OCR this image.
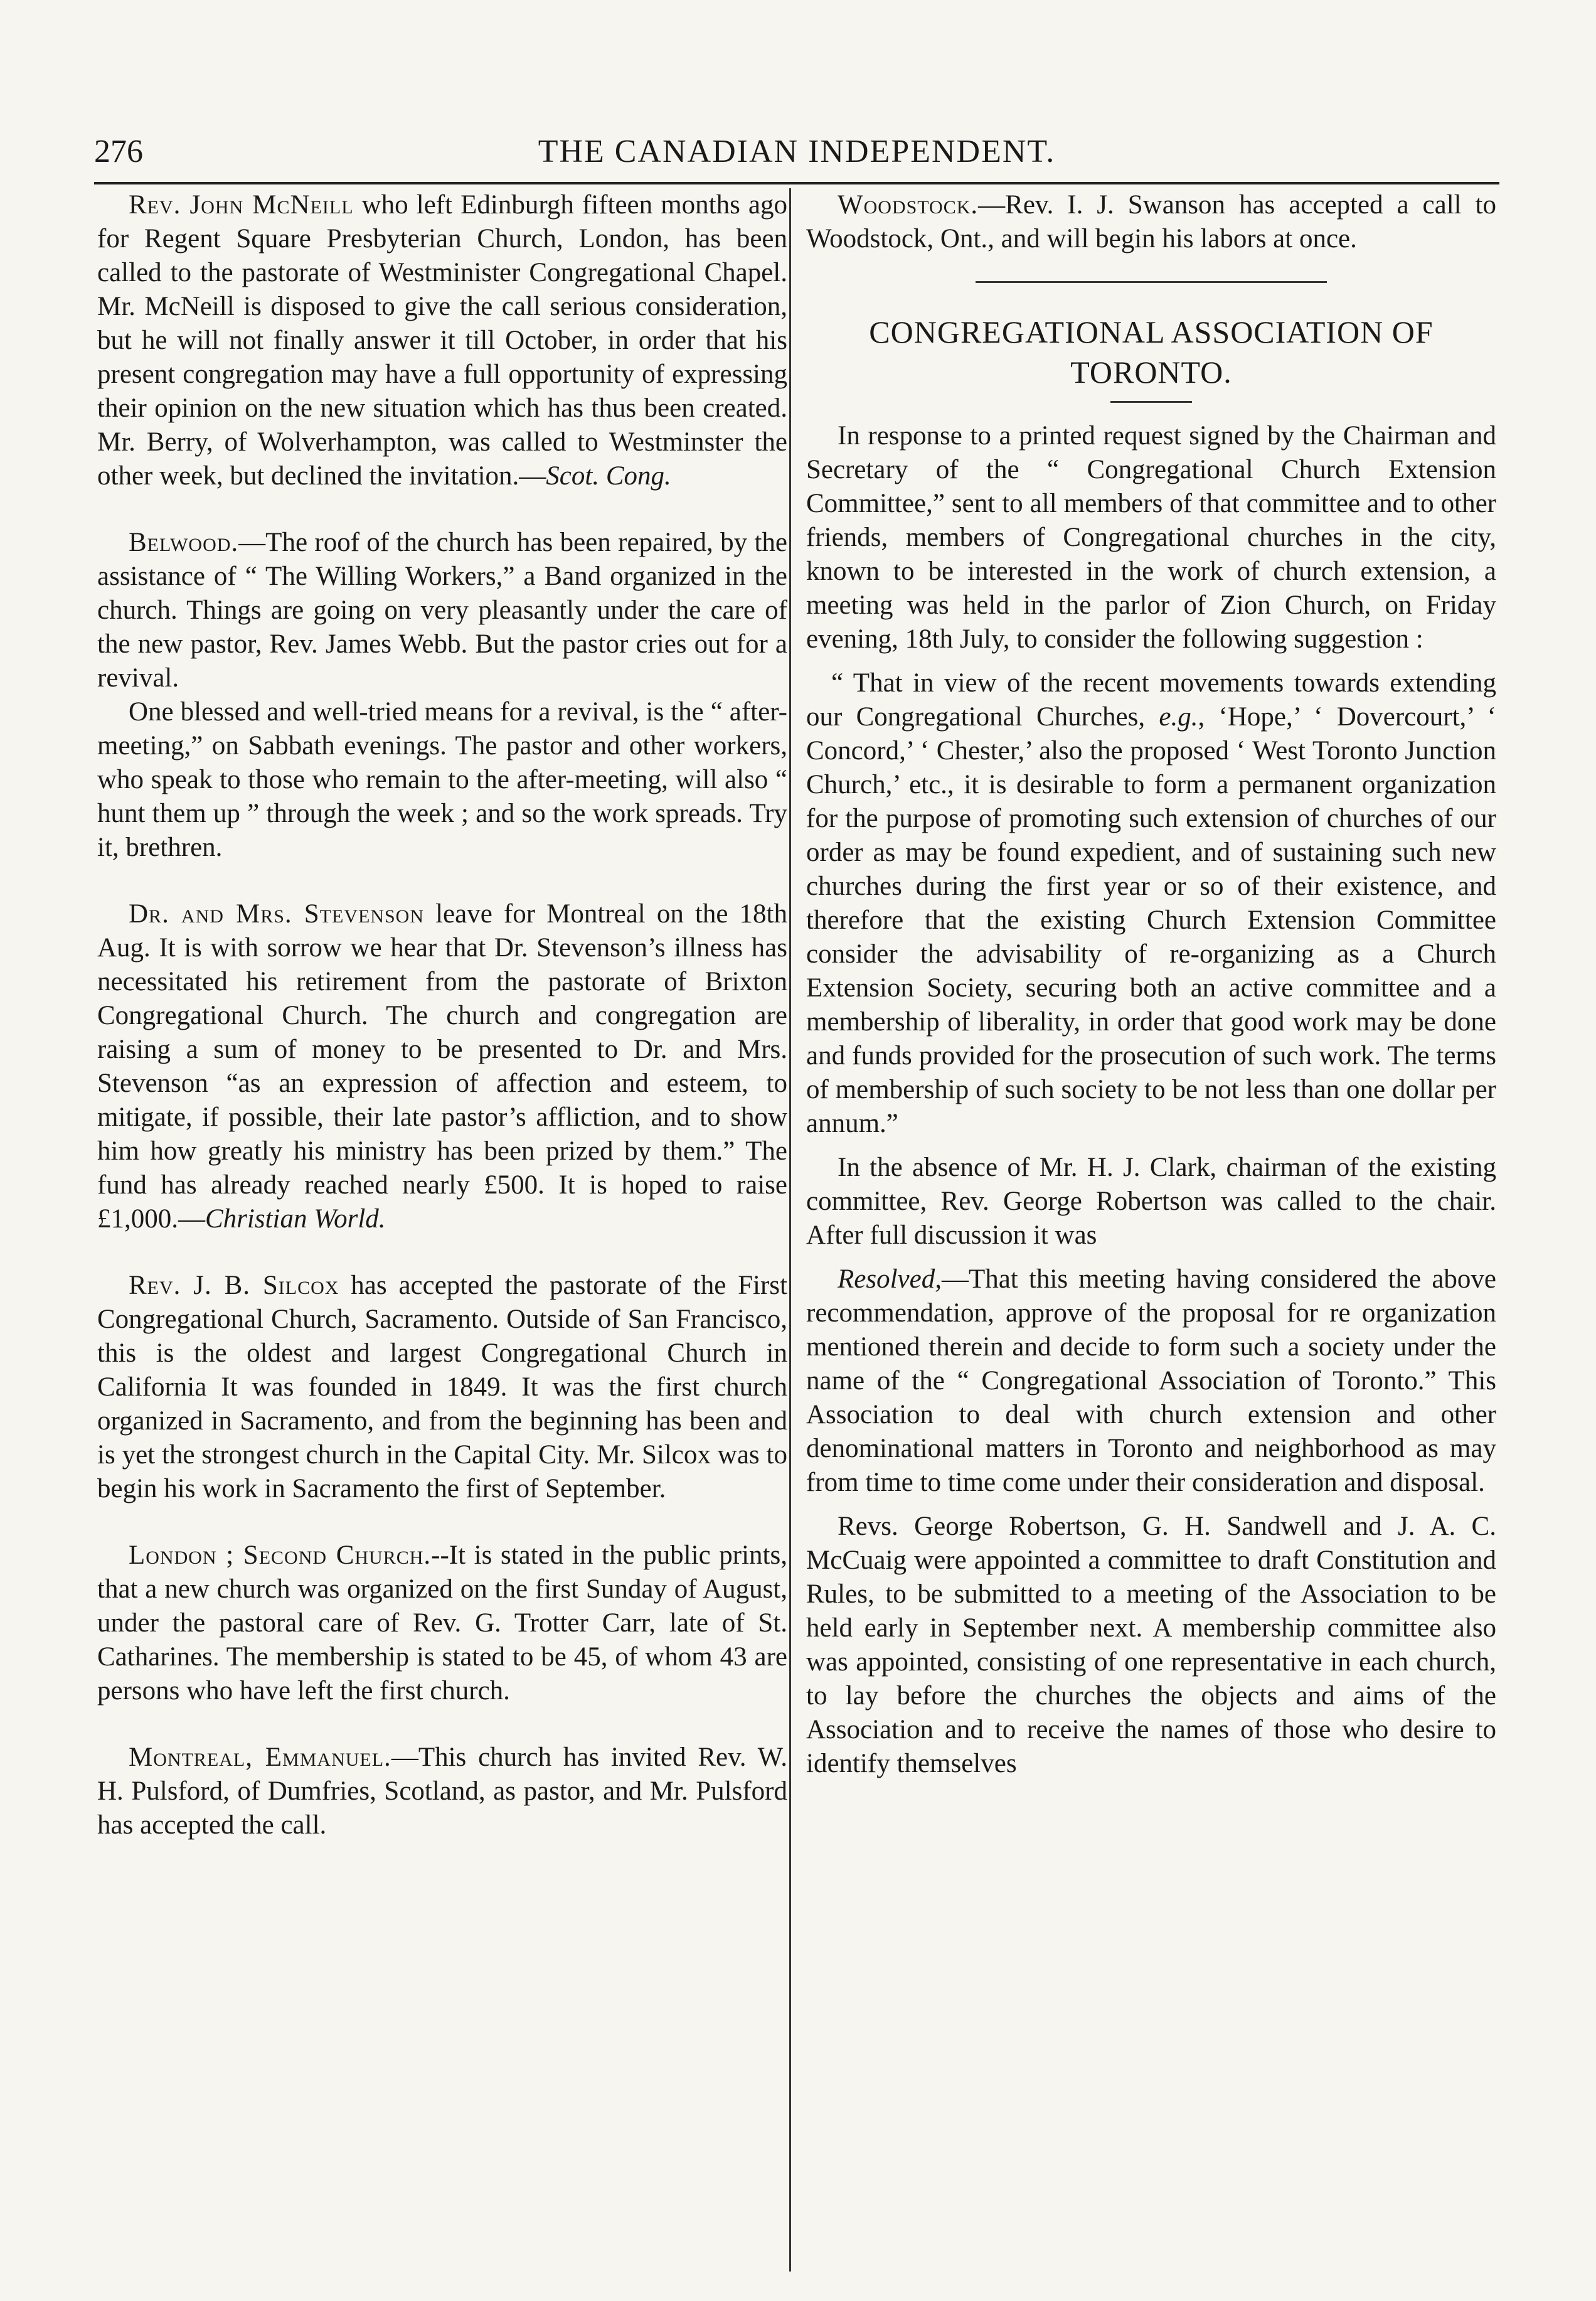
276	THE CANADIAN INDEPENDENT.

Rev. John McNeill who left Edinburgh fifteen months ago for Regent Square Presbyterian Church, London, has been called to the pastorate of Westminister Congregational Chapel. Mr. McNeill is disposed to give the call serious consideration, but he will not finally answer it till October, in order that his present congregation may have a full opportunity of expressing their opinion on the new situation which has thus been created. Mr. Berry, of Wolverhampton, was called to Westminster the other week, but declined the invitation.—Scot. Cong.

Belwood.—The roof of the church has been repaired, by the assistance of “ The Willing Workers,” a Band organized in the church. Things are going on very pleasantly under the care of the new pastor, Rev. James Webb. But the pastor cries out for a revival.

One blessed and well-tried means for a revival, is the “ after-meeting,” on Sabbath evenings. The pastor and other workers, who speak to those who remain to the after-meeting, will also “ hunt them up ” through the week ; and so the work spreads. Try it, brethren.

Dr. and Mrs. Stevenson leave for Montreal on the 18th Aug. It is with sorrow we hear that Dr. Stevenson’s illness has necessitated his retirement from the pastorate of Brixton Congregational Church. The church and congregation are raising a sum of money to be presented to Dr. and Mrs. Stevenson “as an expression of affection and esteem, to mitigate, if possible, their late pastor’s affliction, and to show him how greatly his ministry has been prized by them.” The fund has already reached nearly £500. It is hoped to raise £1,000.—Christian World.

Rev. J. B. Silcox has accepted the pastorate of the First Congregational Church, Sacramento. Outside of San Francisco, this is the oldest and largest Congregational Church in California It was founded in 1849. It was the first church organized in Sacramento, and from the beginning has been and is yet the strongest church in the Capital City. Mr. Silcox was to begin his work in Sacramento the first of September.

London ; Second Church.--It is stated in the public prints, that a new church was organized on the first Sunday of August, under the pastoral care of Rev. G. Trotter Carr, late of St. Catharines. The membership is stated to be 45, of whom 43 are persons who have left the first church.

Montreal, Emmanuel.—This church has invited Rev. W. H. Pulsford, of Dumfries, Scotland, as pastor, and Mr. Pulsford has accepted the call.

Woodstock.—Rev. I. J. Swanson has accepted a call to Woodstock, Ont., and will begin his labors at once.

CONGREGATIONAL ASSOCIATION OF
TORONTO.

In response to a printed request signed by the Chairman and Secretary of the “ Congregational Church Extension Committee,” sent to all members of that committee and to other friends, members of Congregational churches in the city, known to be interested in the work of church extension, a meeting was held in the parlor of Zion Church, on Friday evening, 18th July, to consider the following suggestion :

“ That in view of the recent movements towards extending our Congregational Churches, e.g., ‘Hope,’ ‘ Dovercourt,’ ‘ Concord,’ ‘ Chester,’ also the proposed ‘ West Toronto Junction Church,’ etc., it is desirable to form a permanent organization for the purpose of promoting such extension of churches of our order as may be found expedient, and of sustaining such new churches during the first year or so of their existence, and therefore that the existing Church Extension Committee consider the advisability of re-organizing as a Church Extension Society, securing both an active committee and a membership of liberality, in order that good work may be done and funds provided for the prosecution of such work. The terms of membership of such society to be not less than one dollar per annum.”

In the absence of Mr. H. J. Clark, chairman of the existing committee, Rev. George Robertson was called to the chair. After full discussion it was

Resolved,—That this meeting having considered the above recommendation, approve of the proposal for re organization mentioned therein and decide to form such a society under the name of the “ Congregational Association of Toronto.” This Association to deal with church extension and other denominational matters in Toronto and neighborhood as may from time to time come under their consideration and disposal.

Revs. George Robertson, G. H. Sandwell and J. A. C. McCuaig were appointed a committee to draft Constitution and Rules, to be submitted to a meeting of the Association to be held early in September next. A membership committee also was appointed, consisting of one representative in each church, to lay before the churches the objects and aims of the Association and to receive the names of those who desire to identify themselves
